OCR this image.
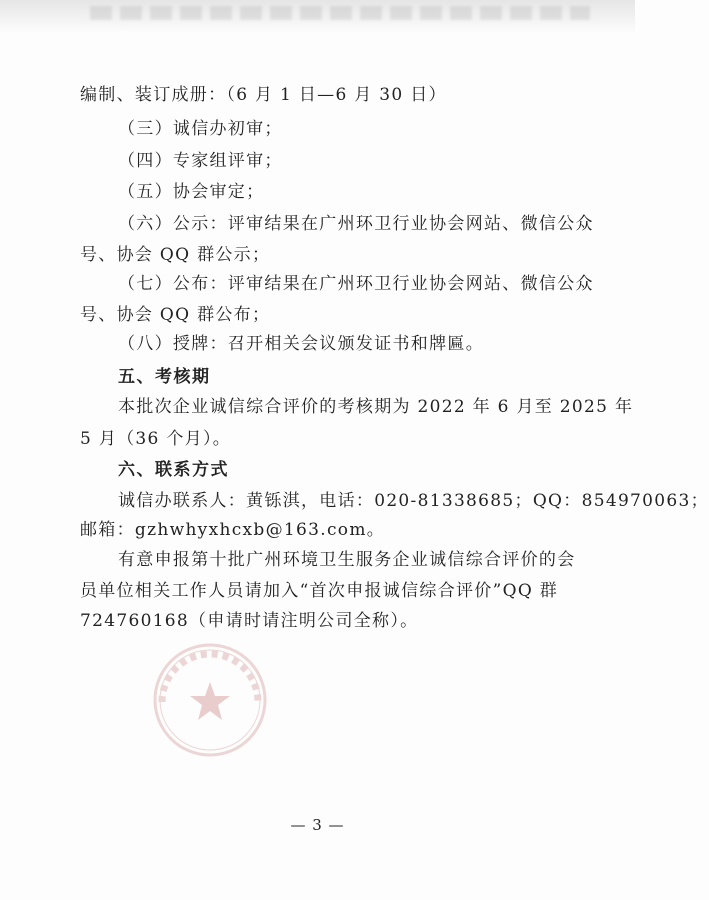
编制、装订成册：（6 月 1 日—6 月 30 日）
（三）诚信办初审；
（四）专家组评审；
（五）协会审定；
（六）公示：评审结果在广州环卫行业协会网站、微信公众
号、协会 QQ 群公示；
（七）公布：评审结果在广州环卫行业协会网站、微信公众
号、协会 QQ 群公布；
（八）授牌：召开相关会议颁发证书和牌匾。
五、考核期
本批次企业诚信综合评价的考核期为 2022 年 6 月至 2025 年
5 月（36 个月）。
六、联系方式
诚信办联系人：黄铄淇，电话：020-81338685；QQ：854970063；
邮箱：gzhwhyxhcxb@163.com。
有意申报第十批广州环境卫生服务企业诚信综合评价的会
员单位相关工作人员请加入“首次申报诚信综合评价”QQ 群
724760168（申请时请注明公司全称）。
— 3 —
